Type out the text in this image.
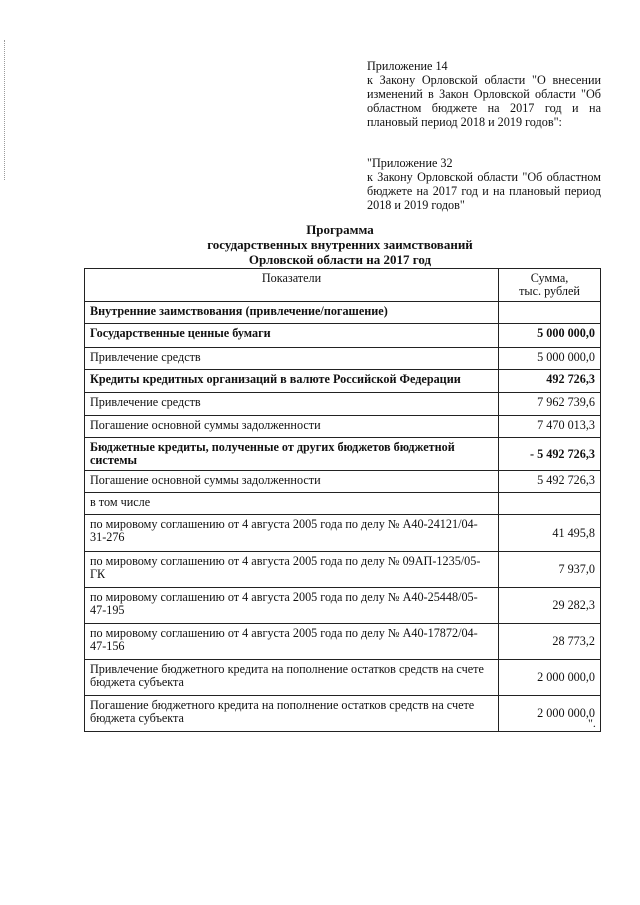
Приложение 14

к Закону Орловской области "О внесении изменений в Закон Орловской области "Об областном бюджете на 2017 год и на плановый период 2018 и 2019 годов":

"Приложение 32

к Закону Орловской области "Об областном бюджете на 2017 год и на плановый период 2018 и 2019 годов"

Программа
государственных внутренних заимствований
Орловской области на 2017 год
Показатели	Сумма,
тыс. рублей

Внутренние заимствования (привлечение/погашение)	
Государственные ценные бумаги	5 000 000,0
Привлечение средств	5 000 000,0
Кредиты кредитных организаций в валюте Российской Федерации	492 726,3
Привлечение средств	7 962 739,6
Погашение основной суммы задолженности	7 470 013,3
Бюджетные кредиты, полученные от других бюджетов бюджетной системы	- 5 492 726,3
Погашение основной суммы задолженности	5 492 726,3
в том числе	
по мировому соглашению от 4 августа 2005 года по делу № А40-24121/04-31-276	41 495,8
по мировому соглашению от 4 августа 2005 года по делу № 09АП-1235/05-ГК	7 937,0
по мировому соглашению от 4 августа 2005 года по делу № А40-25448/05-47-195	29 282,3
по мировому соглашению от 4 августа 2005 года по делу № А40-17872/04-47-156	28 773,2
Привлечение бюджетного кредита на пополнение остатков средств на счете бюджета субъекта	2 000 000,0
Погашение бюджетного кредита на пополнение остатков средств на счете бюджета субъекта	2 000 000,0
".
